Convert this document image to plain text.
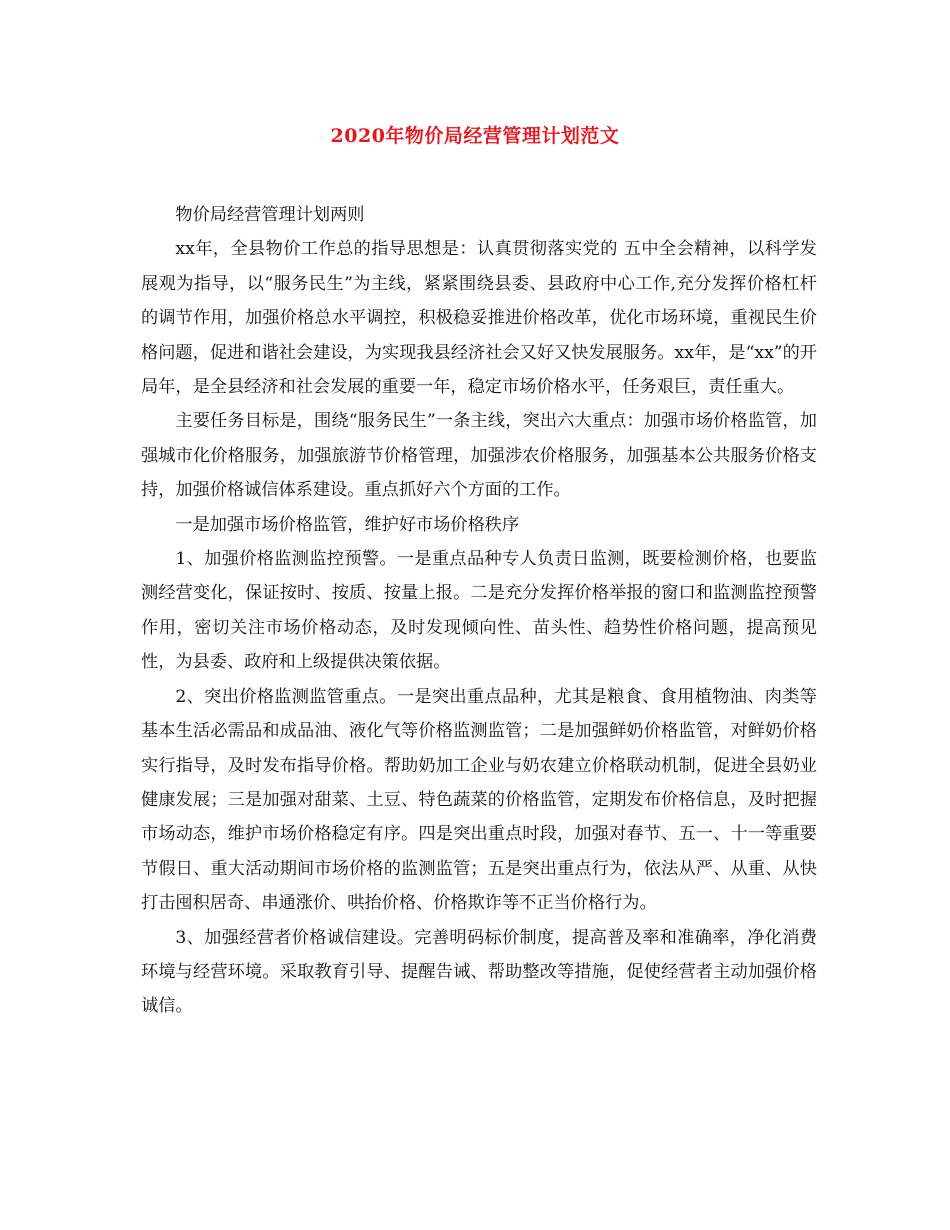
2020年物价局经营管理计划范文

物价局经营管理计划两则

xx年，全县物价工作总的指导思想是：认真贯彻落实党的 五中全会精神，以科学发展观为指导，以“服务民生”为主线，紧紧围绕县委、县政府中心工作,充分发挥价格杠杆的调节作用，加强价格总水平调控，积极稳妥推进价格改革，优化市场环境，重视民生价格问题，促进和谐社会建设，为实现我县经济社会又好又快发展服务。xx年，是“xx”的开局年，是全县经济和社会发展的重要一年，稳定市场价格水平，任务艰巨，责任重大。

主要任务目标是，围绕“服务民生”一条主线，突出六大重点：加强市场价格监管，加强城市化价格服务，加强旅游节价格管理，加强涉农价格服务，加强基本公共服务价格支持，加强价格诚信体系建设。重点抓好六个方面的工作。

一是加强市场价格监管，维护好市场价格秩序

1、加强价格监测监控预警。一是重点品种专人负责日监测，既要检测价格，也要监测经营变化，保证按时、按质、按量上报。二是充分发挥价格举报的窗口和监测监控预警作用，密切关注市场价格动态，及时发现倾向性、苗头性、趋势性价格问题，提高预见性，为县委、政府和上级提供决策依据。

2、突出价格监测监管重点。一是突出重点品种，尤其是粮食、食用植物油、肉类等基本生活必需品和成品油、液化气等价格监测监管；二是加强鲜奶价格监管，对鲜奶价格实行指导，及时发布指导价格。帮助奶加工企业与奶农建立价格联动机制，促进全县奶业健康发展；三是加强对甜菜、土豆、特色蔬菜的价格监管，定期发布价格信息，及时把握市场动态，维护市场价格稳定有序。四是突出重点时段，加强对春节、五一、十一等重要节假日、重大活动期间市场价格的监测监管；五是突出重点行为，依法从严、从重、从快打击囤积居奇、串通涨价、哄抬价格、价格欺诈等不正当价格行为。

3、加强经营者价格诚信建设。完善明码标价制度，提高普及率和准确率，净化消费环境与经营环境。采取教育引导、提醒告诫、帮助整改等措施，促使经营者主动加强价格诚信。
